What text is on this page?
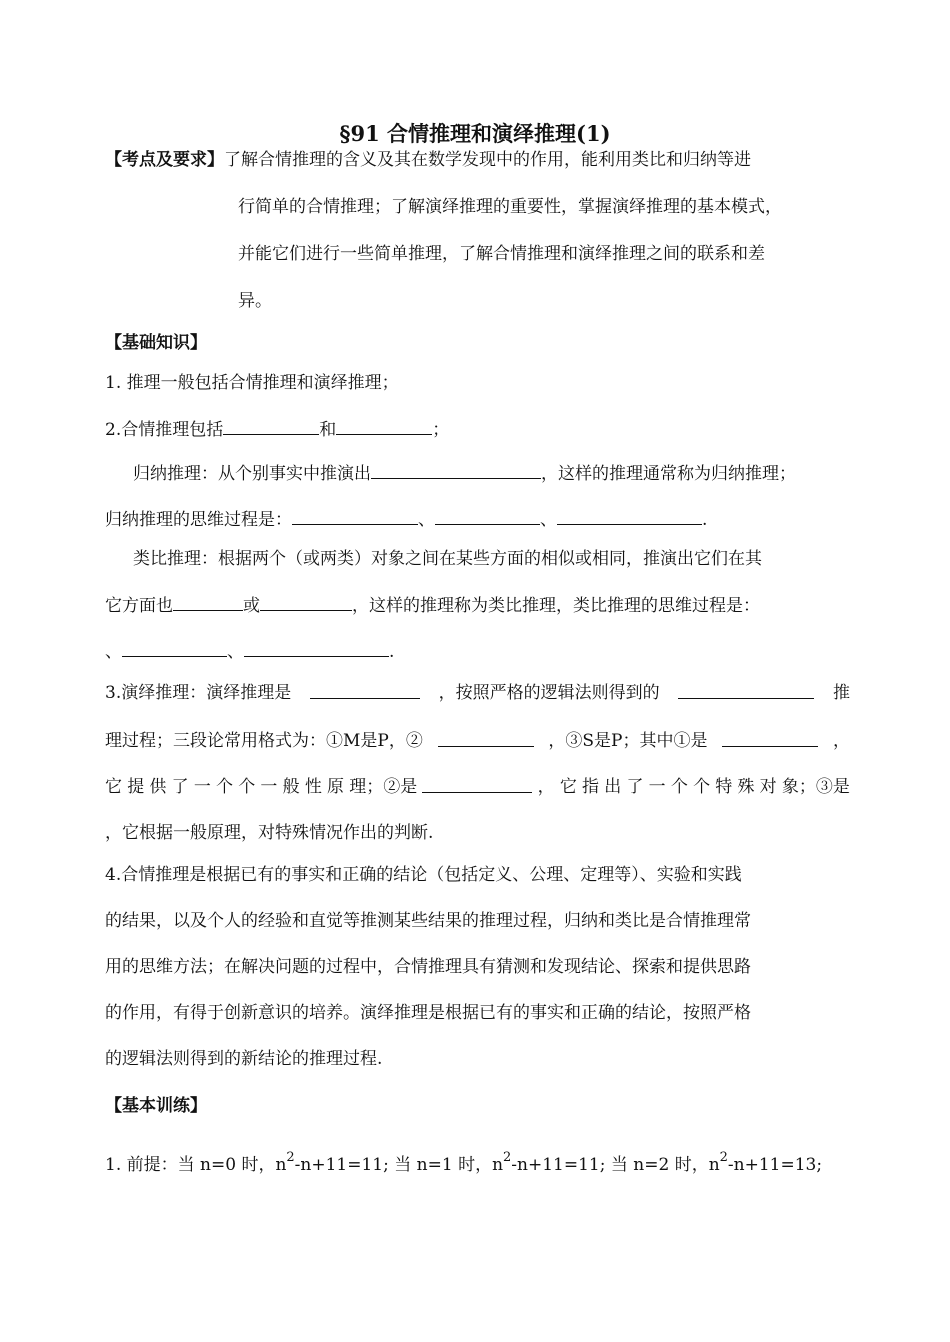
§91 合情推理和演绎推理(1)
【考点及要求】了解合情推理的含义及其在数学发现中的作用，能利用类比和归纳等进
行简单的合情推理；了解演绎推理的重要性，掌握演绎推理的基本模式，
并能它们进行一些简单推理，了解合情推理和演绎推理之间的联系和差
异。
【基础知识】
1. 推理一般包括合情推理和演绎推理；
2.合情推理包括	和	；
归纳推理：从个别事实中推演出	，这样的推理通常称为归纳推理；
归纳推理的思维过程是：	、	、	.
类比推理：根据两个（或两类）对象之间在某些方面的相似或相同，推演出它们在其
它方面也	或	，这样的推理称为类比推理，类比推理的思维过程是：
、	、	.
3.演绎推理：演绎推理是	，按照严格的逻辑法则得到的	推
理过程；三段论常用格式为：①M是P，②	，③S是P；其中①是	，
它 提 供 了 一 个 个 一 般 性 原 理；②是	， 它 指 出 了 一 个 个 特 殊 对 象；③是
，它根据一般原理，对特殊情况作出的判断.
4.合情推理是根据已有的事实和正确的结论（包括定义、公理、定理等）、实验和实践
的结果，以及个人的经验和直觉等推测某些结果的推理过程，归纳和类比是合情推理常
用的思维方法；在解决问题的过程中，合情推理具有猜测和发现结论、探索和提供思路
的作用，有得于创新意识的培养。演绎推理是根据已有的事实和正确的结论，按照严格
的逻辑法则得到的新结论的推理过程.
【基本训练】
1. 前提：当 n=0 时，$n^2-n+11=11$; 当 n=1 时，$n^2-n+11=11$; 当 n=2 时，$n^2-n+11=13$;
